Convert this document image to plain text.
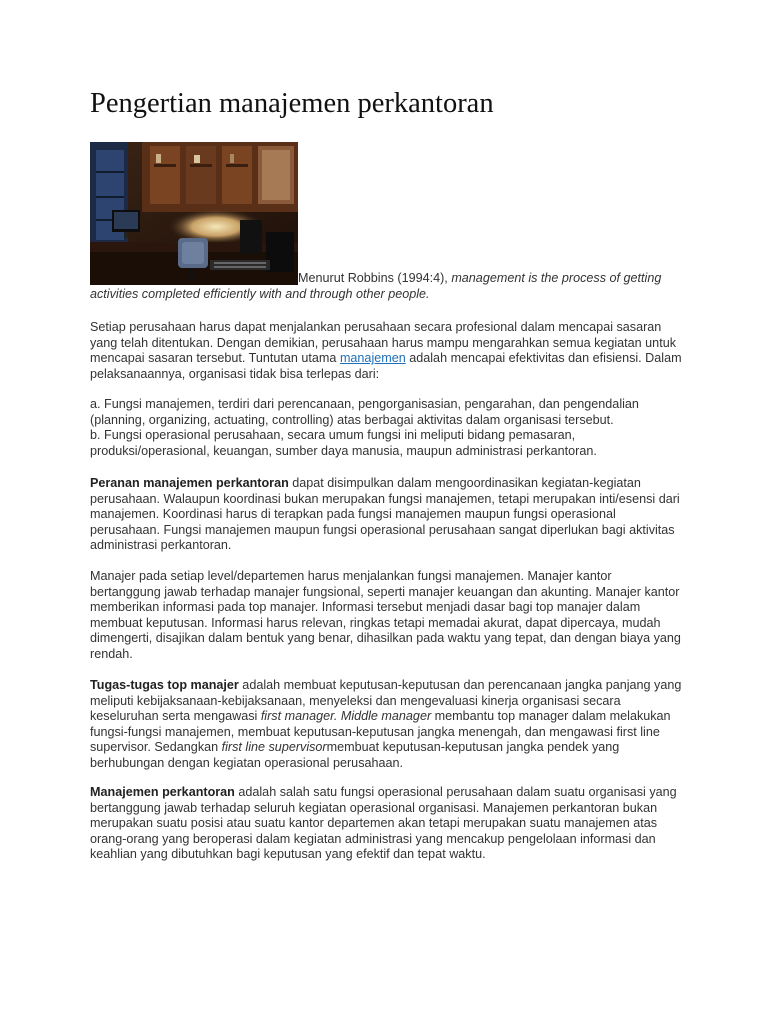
Pengertian manajemen perkantoran
Menurut Robbins (1994:4), management is the process of getting activities completed efficiently with and through other people.

Setiap perusahaan harus dapat menjalankan perusahaan secara profesional dalam mencapai sasaran yang telah ditentukan. Dengan demikian, perusahaan harus mampu mengarahkan semua kegiatan untuk mencapai sasaran tersebut. Tuntutan utama manajemen adalah mencapai efektivitas dan efisiensi. Dalam pelaksanaannya, organisasi tidak bisa terlepas dari:

a. Fungsi manajemen, terdiri dari perencanaan, pengorganisasian, pengarahan, dan pengendalian (planning, organizing, actuating, controlling) atas berbagai aktivitas dalam organisasi tersebut.
b. Fungsi operasional perusahaan, secara umum fungsi ini meliputi bidang pemasaran, produksi/operasional, keuangan, sumber daya manusia, maupun administrasi perkantoran.

Peranan manajemen perkantoran dapat disimpulkan dalam mengoordinasikan kegiatan-kegiatan perusahaan. Walaupun koordinasi bukan merupakan fungsi manajemen, tetapi merupakan inti/esensi dari manajemen. Koordinasi harus di terapkan pada fungsi manajemen maupun fungsi operasional perusahaan. Fungsi manajemen maupun fungsi operasional perusahaan sangat diperlukan bagi aktivitas administrasi perkantoran.

Manajer pada setiap level/departemen harus menjalankan fungsi manajemen. Manajer kantor bertanggung jawab terhadap manajer fungsional, seperti manajer keuangan dan akunting. Manajer kantor memberikan informasi pada top manajer. Informasi tersebut menjadi dasar bagi top manajer dalam membuat keputusan. Informasi harus relevan, ringkas tetapi memadai akurat, dapat dipercaya, mudah dimengerti, disajikan dalam bentuk yang benar, dihasilkan pada waktu yang tepat, dan dengan biaya yang rendah.

Tugas-tugas top manajer adalah membuat keputusan-keputusan dan perencanaan jangka panjang yang meliputi kebijaksanaan-kebijaksanaan, menyeleksi dan mengevaluasi kinerja organisasi secara keseluruhan serta mengawasi first manager. Middle manager membantu top manager dalam melakukan fungsi-fungsi manajemen, membuat keputusan-keputusan jangka menengah, dan mengawasi first line supervisor. Sedangkan first line supervisormembuat keputusan-keputusan jangka pendek yang berhubungan dengan kegiatan operasional perusahaan.

Manajemen perkantoran adalah salah satu fungsi operasional perusahaan dalam suatu organisasi yang bertanggung jawab terhadap seluruh kegiatan operasional organisasi. Manajemen perkantoran bukan merupakan suatu posisi atau suatu kantor departemen akan tetapi merupakan suatu manajemen atas orang-orang yang beroperasi dalam kegiatan administrasi yang mencakup pengelolaan informasi dan keahlian yang dibutuhkan bagi keputusan yang efektif dan tepat waktu.
